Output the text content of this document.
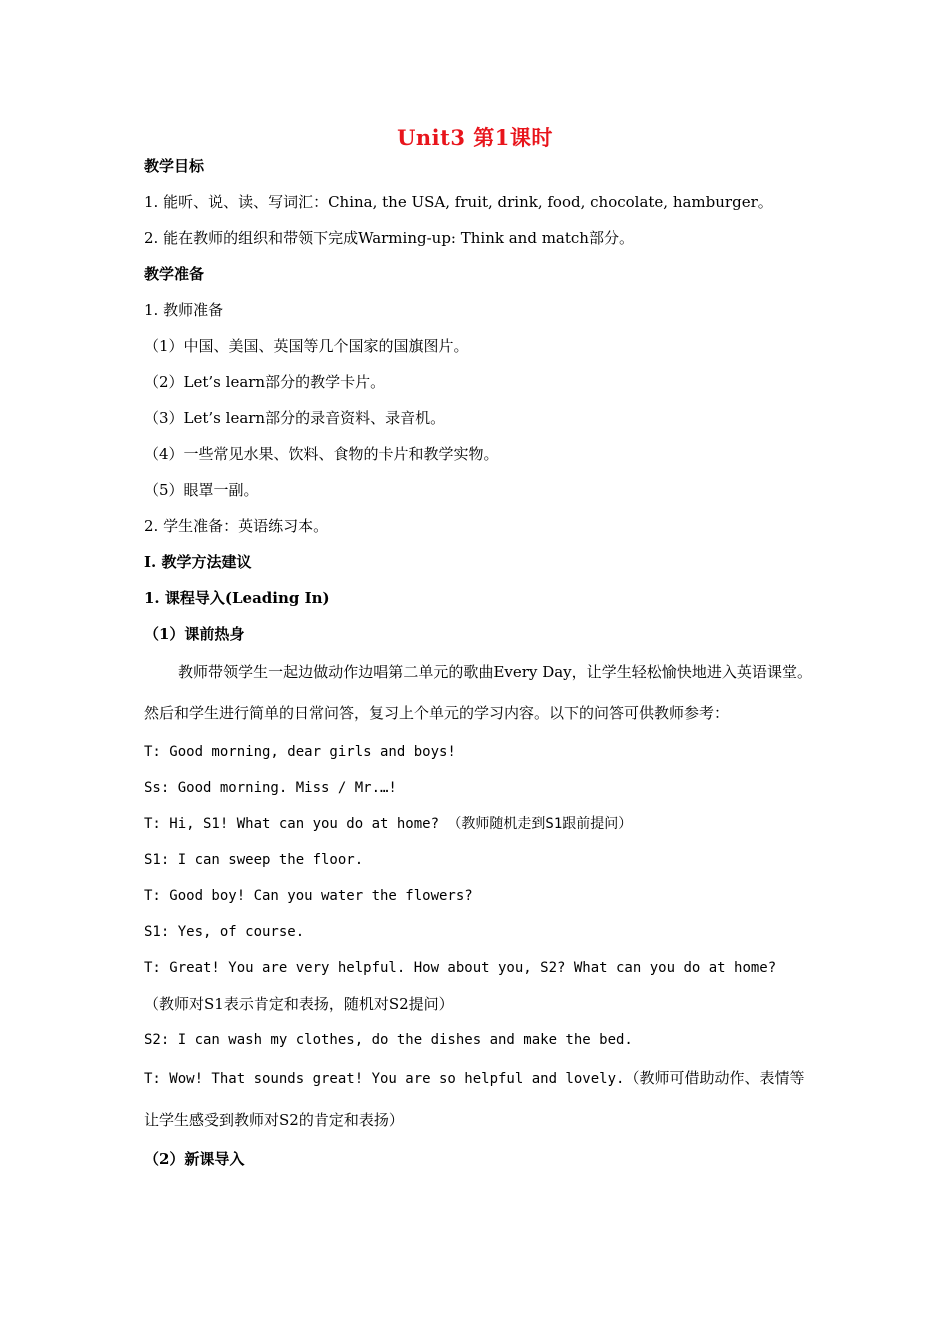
Unit3 第1课时

教学目标

1. 能听、说、读、写词汇：China, the USA, fruit, drink, food, chocolate, hamburger。

2. 能在教师的组织和带领下完成Warming-up: Think and match部分。

教学准备

1. 教师准备

（1）中国、美国、英国等几个国家的国旗图片。

（2）Let’s learn部分的教学卡片。

（3）Let’s learn部分的录音资料、录音机。

（4）一些常见水果、饮料、食物的卡片和教学实物。

（5）眼罩一副。

2. 学生准备：英语练习本。

Ⅰ. 教学方法建议

1. 课程导入(Leading In)

（1）课前热身

教师带领学生一起边做动作边唱第二单元的歌曲Every Day，让学生轻松愉快地进入英语课堂。然后和学生进行简单的日常问答，复习上个单元的学习内容。以下的问答可供教师参考：

T: Good morning, dear girls and boys!

Ss: Good morning. Miss / Mr.…!

T: Hi, S1! What can you do at home? （教师随机走到S1跟前提问）

S1: I can sweep the floor.

T: Good boy! Can you water the flowers?

S1: Yes, of course.

T: Great! You are very helpful. How about you, S2? What can you do at home?

（教师对S1表示肯定和表扬，随机对S2提问）

S2: I can wash my clothes, do the dishes and make the bed.

T: Wow! That sounds great! You are so helpful and lovely.（教师可借助动作、表情等让学生感受到教师对S2的肯定和表扬）

（2）新课导入
